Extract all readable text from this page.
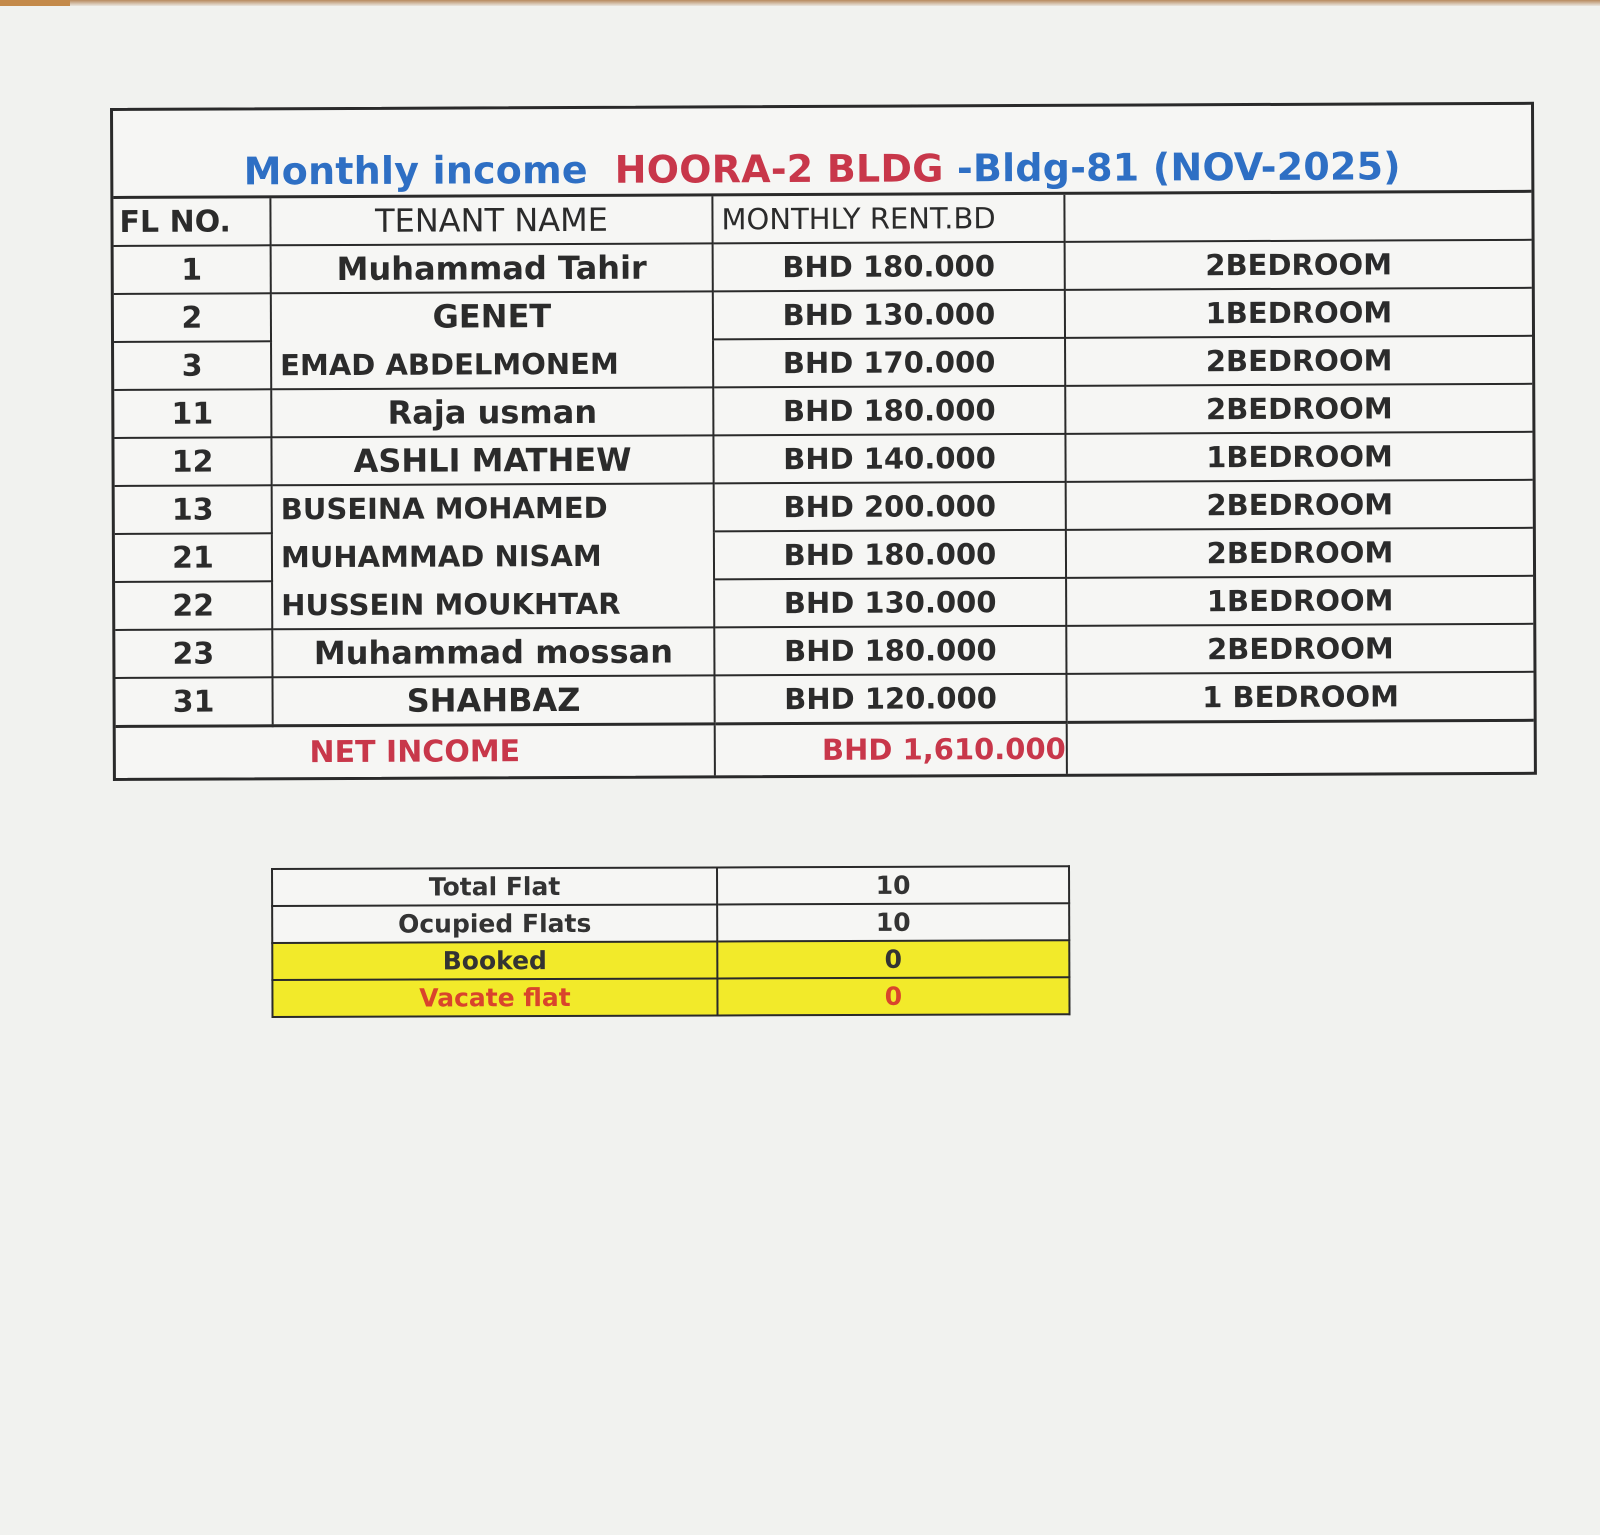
Monthly income
HOORA-2 BLDG
-Bldg-81 (NOV-2025)
FL NO.	TENANT NAME	MONTHLY RENT.BD	
1	Muhammad Tahir	BHD 180.000	2BEDROOM
2	GENET	BHD 130.000	1BEDROOM
3	EMAD ABDELMONEM	BHD 170.000	2BEDROOM
11	Raja usman	BHD 180.000	2BEDROOM
12	ASHLI MATHEW	BHD 140.000	1BEDROOM
13	BUSEINA MOHAMED	BHD 200.000	2BEDROOM
21	MUHAMMAD NISAM	BHD 180.000	2BEDROOM
22	HUSSEIN MOUKHTAR	BHD 130.000	1BEDROOM
23	Muhammad mossan	BHD 180.000	2BEDROOM
31	SHAHBAZ	BHD 120.000	1 BEDROOM
NET INCOME		BHD 1,610.000	
Total Flat	10
Ocupied Flats	10
Booked	0
Vacate flat	0
